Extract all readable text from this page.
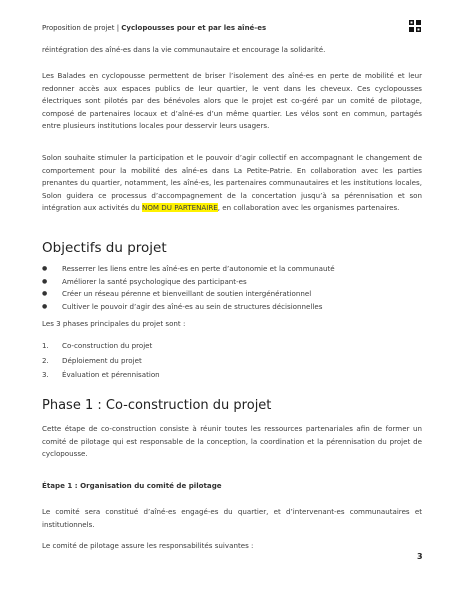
Proposition de projet | Cyclopousses pour et par les aîné-es

réintégration des aîné-es dans la vie communautaire et encourage la solidarité.

Les Balades en cyclopousse permettent de briser l’isolement des aîné-es en perte de mobilité et leur redonner accès aux espaces publics de leur quartier, le vent dans les cheveux. Ces cyclopousses électriques sont pilotés par des bénévoles alors que le projet est co-géré par un comité de pilotage, composé de partenaires locaux et d’aîné-es d’un même quartier. Les vélos sont en commun, partagés entre plusieurs institutions locales pour desservir leurs usagers.

Solon souhaite stimuler la participation et le pouvoir d’agir collectif en accompagnant le changement de comportement pour la mobilité des aîné-es dans La Petite-Patrie. En collaboration avec les parties prenantes du quartier, notamment, les aîné-es, les partenaires communautaires et les institutions locales, Solon guidera ce processus d’accompagnement de la concertation jusqu’à sa pérennisation et son intégration aux activités du NOM DU PARTENAIRE, en collaboration avec les organismes partenaires.

Objectifs du projet
● Resserrer les liens entre les aîné-es en perte d’autonomie et la communauté
● Améliorer la santé psychologique des participant-es
● Créer un réseau pérenne et bienveillant de soutien intergénérationnel
● Cultiver le pouvoir d’agir des aîné-es au sein de structures décisionnelles

Les 3 phases principales du projet sont :

1. Co-construction du projet
2. Déploiement du projet
3. Évaluation et pérennisation
Phase 1 : Co-construction du projet

Cette étape de co-construction consiste à réunir toutes les ressources partenariales afin de former un comité de pilotage qui est responsable de la conception, la coordination et la pérennisation du projet de cyclopousse.

Étape 1 : Organisation du comité de pilotage

Le comité sera constitué d’aîné-es engagé-es du quartier, et d’intervenant-es communautaires et institutionnels.

Le comité de pilotage assure les responsabilités suivantes :

3
